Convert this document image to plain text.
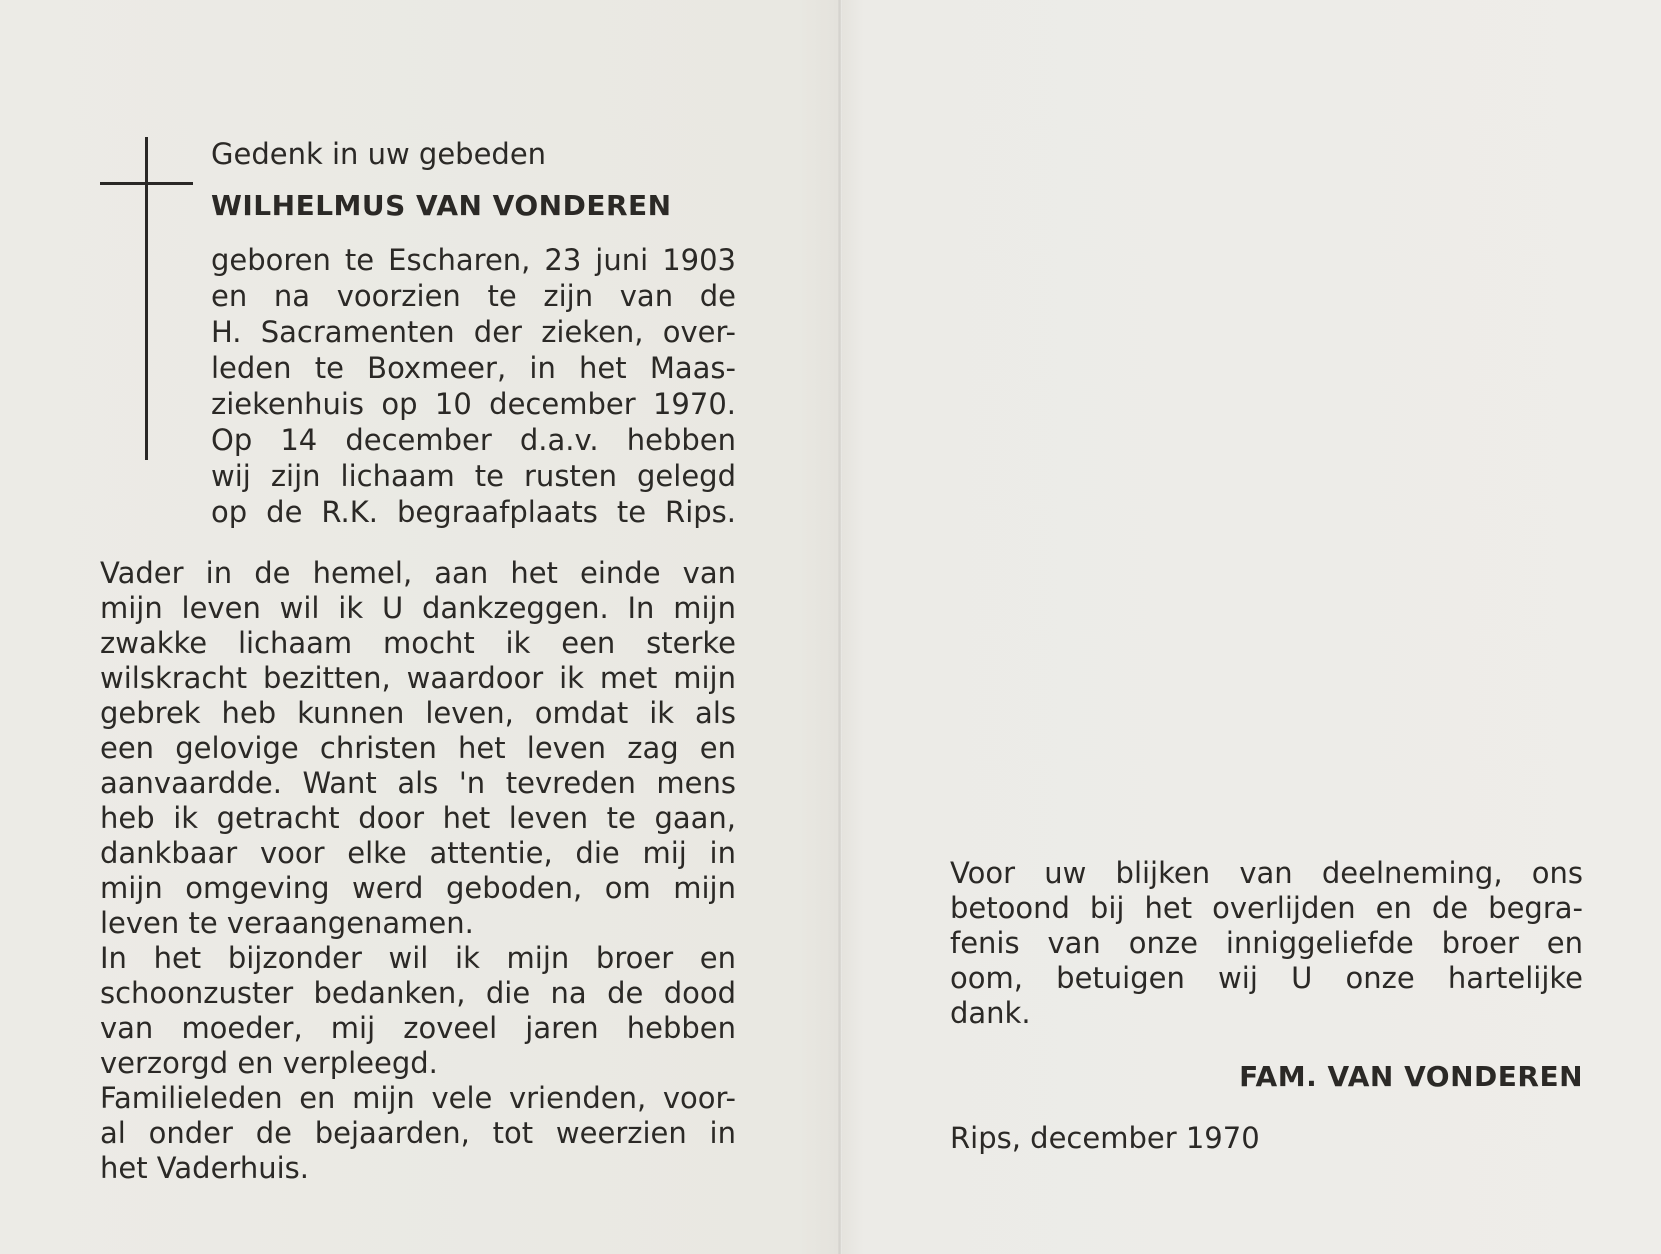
Gedenk in uw gebeden
WILHELMUS VAN VONDEREN
geboren te Escharen, 23 juni 1903
en na voorzien te zijn van de
H. Sacramenten der zieken, over-
leden te Boxmeer, in het Maas-
ziekenhuis op 10 december 1970.
Op 14 december d.a.v. hebben
wij zijn lichaam te rusten gelegd
op de R.K. begraafplaats te Rips.
Vader in de hemel, aan het einde van
mijn leven wil ik U dankzeggen. In mijn
zwakke lichaam mocht ik een sterke
wilskracht bezitten, waardoor ik met mijn
gebrek heb kunnen leven, omdat ik als
een gelovige christen het leven zag en
aanvaardde. Want als 'n tevreden mens
heb ik getracht door het leven te gaan,
dankbaar voor elke attentie, die mij in
mijn omgeving werd geboden, om mijn
leven te veraangenamen.
In het bijzonder wil ik mijn broer en
schoonzuster bedanken, die na de dood
van moeder, mij zoveel jaren hebben
verzorgd en verpleegd.
Familieleden en mijn vele vrienden, voor-
al onder de bejaarden, tot weerzien in
het Vaderhuis.
Voor uw blijken van deelneming, ons
betoond bij het overlijden en de begra-
fenis van onze inniggeliefde broer en
oom, betuigen wij U onze hartelijke
dank.
FAM. VAN VONDEREN
Rips, december 1970
